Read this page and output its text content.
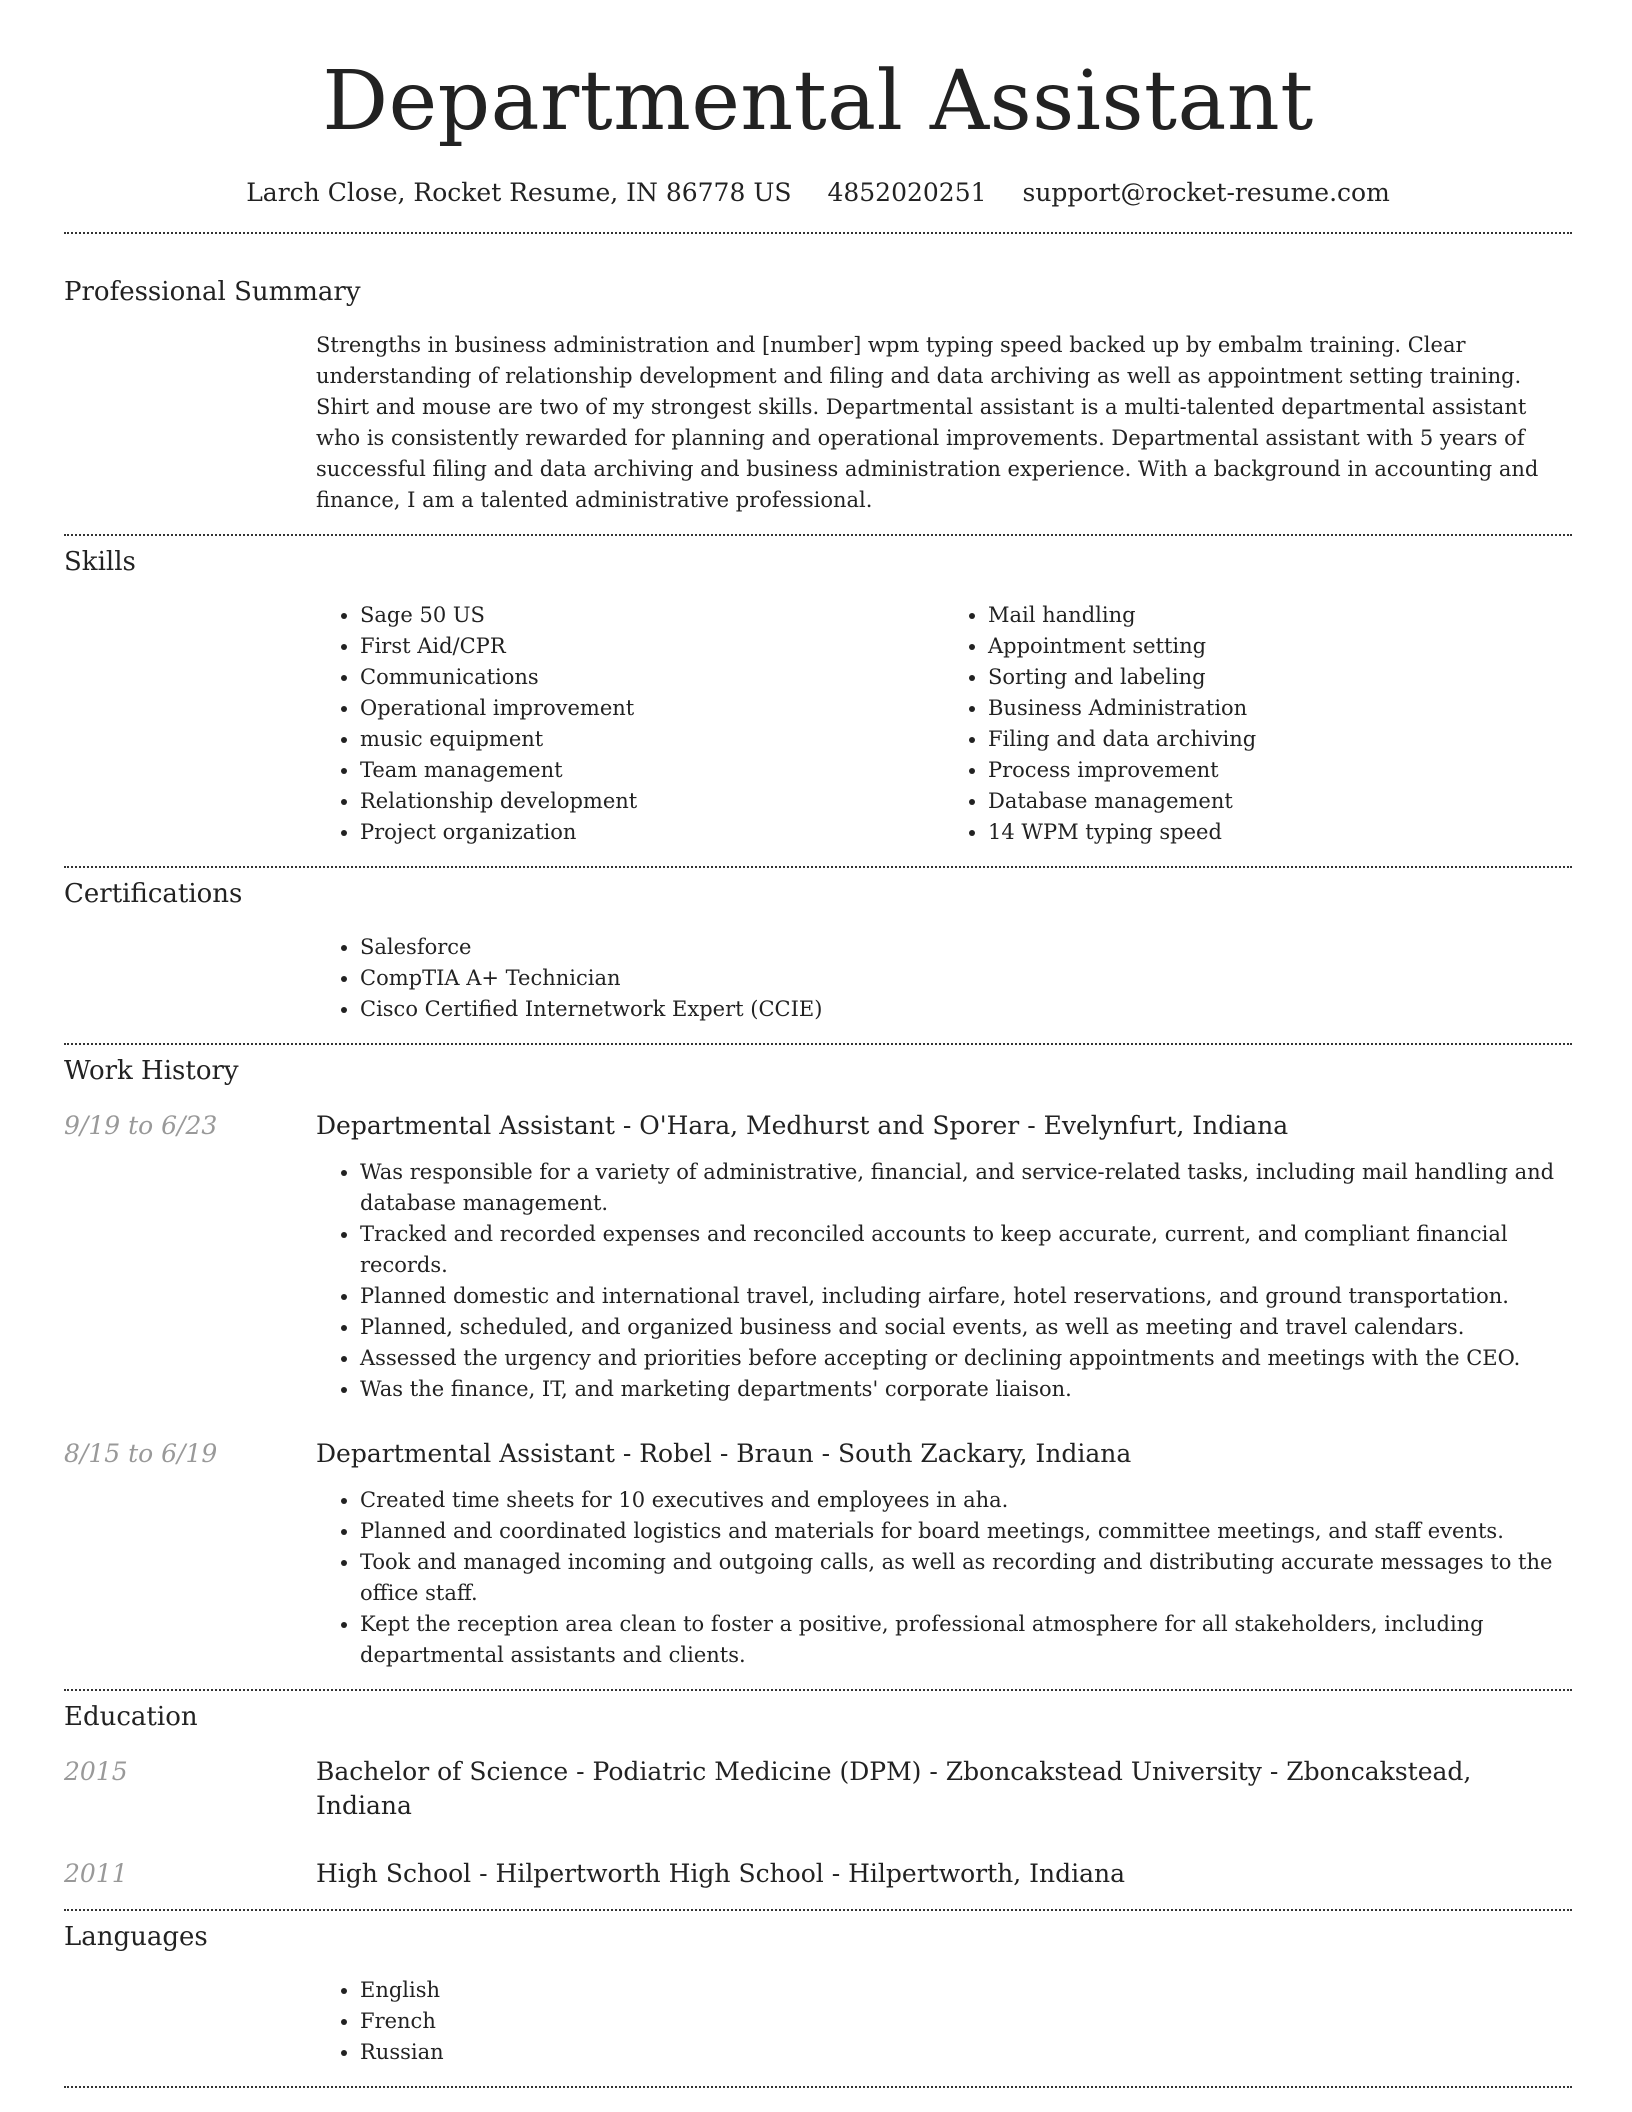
Departmental Assistant
Larch Close, Rocket Resume, IN 86778 US 4852020251 support@rocket-resume.com
Professional Summary
Strengths in business administration and [number] wpm typing speed backed up by embalm training. Clear understanding of relationship development and filing and data archiving as well as appointment setting training. Shirt and mouse are two of my strongest skills. Departmental assistant is a multi-talented departmental assistant who is consistently rewarded for planning and operational improvements. Departmental assistant with 5 years of successful filing and data archiving and business administration experience. With a background in accounting and finance, I am a talented administrative professional.
Skills
• Sage 50 US
• First Aid/CPR
• Communications
• Operational improvement
• music equipment
• Team management
• Relationship development
• Project organization
• Mail handling
• Appointment setting
• Sorting and labeling
• Business Administration
• Filing and data archiving
• Process improvement
• Database management
• 14 WPM typing speed
Certifications
• Salesforce
• CompTIA A+ Technician
• Cisco Certified Internetwork Expert (CCIE)
Work History
9/19 to 6/23	Departmental Assistant - O'Hara, Medhurst and Sporer - Evelynfurt, Indiana
• Was responsible for a variety of administrative, financial, and service-related tasks, including mail handling and database management.
• Tracked and recorded expenses and reconciled accounts to keep accurate, current, and compliant financial records.
• Planned domestic and international travel, including airfare, hotel reservations, and ground transportation.
• Planned, scheduled, and organized business and social events, as well as meeting and travel calendars.
• Assessed the urgency and priorities before accepting or declining appointments and meetings with the CEO.
• Was the finance, IT, and marketing departments' corporate liaison.
8/15 to 6/19	Departmental Assistant - Robel - Braun - South Zackary, Indiana
• Created time sheets for 10 executives and employees in aha.
• Planned and coordinated logistics and materials for board meetings, committee meetings, and staff events.
• Took and managed incoming and outgoing calls, as well as recording and distributing accurate messages to the office staff.
• Kept the reception area clean to foster a positive, professional atmosphere for all stakeholders, including departmental assistants and clients.
Education
2015	Bachelor of Science - Podiatric Medicine (DPM) - Zboncakstead University - Zboncakstead, Indiana
2011	High School - Hilpertworth High School - Hilpertworth, Indiana
Languages
• English
• French
• Russian
